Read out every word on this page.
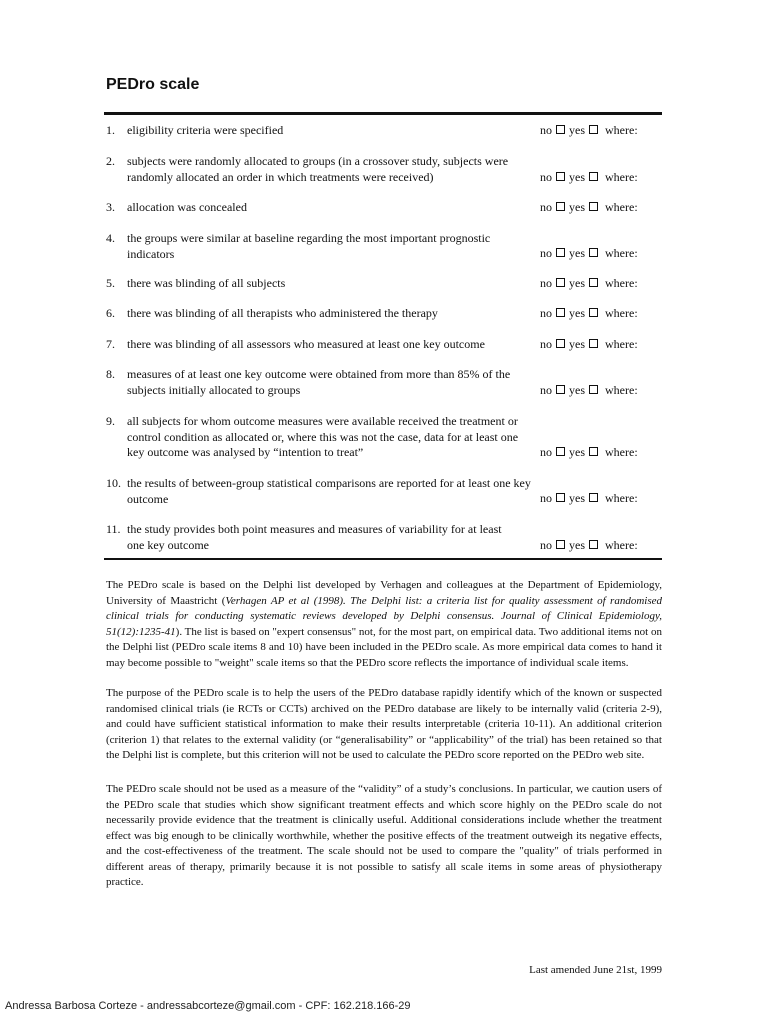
PEDro scale
1. eligibility criteria were specified	no yes where:
2. subjects were randomly allocated to groups (in a crossover study, subjects were randomly allocated an order in which treatments were received)	no yes where:
3. allocation was concealed	no yes where:
4. the groups were similar at baseline regarding the most important prognostic indicators	no yes where:
5. there was blinding of all subjects	no yes where:
6. there was blinding of all therapists who administered the therapy	no yes where:
7. there was blinding of all assessors who measured at least one key outcome	no yes where:
8. measures of at least one key outcome were obtained from more than 85% of the subjects initially allocated to groups	no yes where:
9. all subjects for whom outcome measures were available received the treatment or control condition as allocated or, where this was not the case, data for at least one key outcome was analysed by “intention to treat”	no yes where:
10. the results of between-group statistical comparisons are reported for at least one key outcome	no yes where:
11. the study provides both point measures and measures of variability for at least one key outcome	no yes where:

The PEDro scale is based on the Delphi list developed by Verhagen and colleagues at the Department of Epidemiology, University of Maastricht (Verhagen AP et al (1998). The Delphi list: a criteria list for quality assessment of randomised clinical trials for conducting systematic reviews developed by Delphi consensus. Journal of Clinical Epidemiology, 51(12):1235-41). The list is based on "expert consensus" not, for the most part, on empirical data. Two additional items not on the Delphi list (PEDro scale items 8 and 10) have been included in the PEDro scale. As more empirical data comes to hand it may become possible to "weight" scale items so that the PEDro score reflects the importance of individual scale items.

The purpose of the PEDro scale is to help the users of the PEDro database rapidly identify which of the known or suspected randomised clinical trials (ie RCTs or CCTs) archived on the PEDro database are likely to be internally valid (criteria 2-9), and could have sufficient statistical information to make their results interpretable (criteria 10-11). An additional criterion (criterion 1) that relates to the external validity (or “generalisability” or “applicability” of the trial) has been retained so that the Delphi list is complete, but this criterion will not be used to calculate the PEDro score reported on the PEDro web site.

The PEDro scale should not be used as a measure of the “validity” of a study’s conclusions. In particular, we caution users of the PEDro scale that studies which show significant treatment effects and which score highly on the PEDro scale do not necessarily provide evidence that the treatment is clinically useful. Additional considerations include whether the treatment effect was big enough to be clinically worthwhile, whether the positive effects of the treatment outweigh its negative effects, and the cost-effectiveness of the treatment. The scale should not be used to compare the "quality" of trials performed in different areas of therapy, primarily because it is not possible to satisfy all scale items in some areas of physiotherapy practice.

Last amended June 21st, 1999
Andressa Barbosa Corteze - andressabcorteze@gmail.com - CPF: 162.218.166-29
